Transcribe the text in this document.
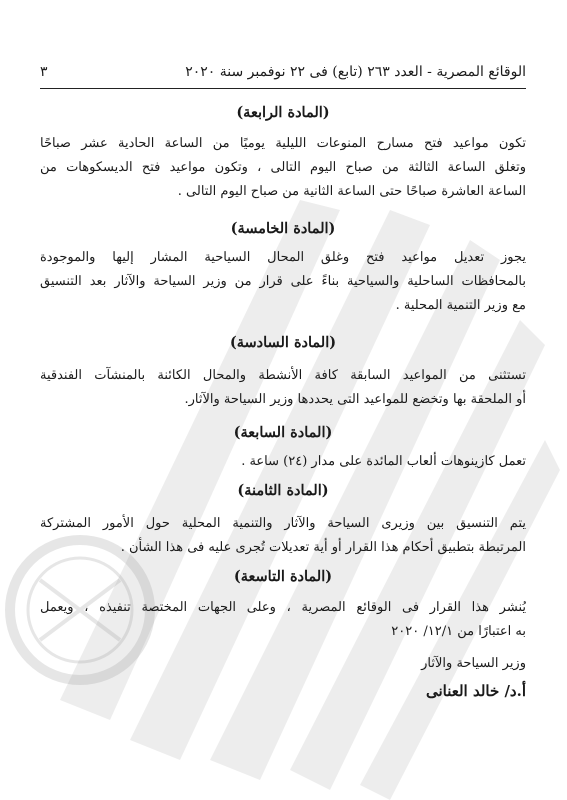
الوقائع المصرية - العدد ٢٦٣ (تابع) فى ٢٢ نوفمبر سنة ٢٠٢٠
٣
(المادة الرابعة)
تكون مواعيد فتح مسارح المنوعات الليلية يوميًا من الساعة الحادية عشر صباحًا
وتغلق الساعة الثالثة من صباح اليوم التالى ، وتكون مواعيد فتح الديسكوهات من
الساعة العاشرة صباحًا حتى الساعة الثانية من صباح اليوم التالى .
(المادة الخامسة)
يجوز تعديل مواعيد فتح وغلق المحال السياحية المشار إليها والموجودة
بالمحافظات الساحلية والسياحية بناءً على قرار من وزير السياحة والآثار بعد التنسيق
مع وزير التنمية المحلية .
(المادة السادسة)
تستثنى من المواعيد السابقة كافة الأنشطة والمحال الكائنة بالمنشآت الفندقية
أو الملحقة بها وتخضع للمواعيد التى يحددها وزير السياحة والآثار.
(المادة السابعة)
تعمل كازينوهات ألعاب المائدة على مدار (٢٤) ساعة .
(المادة الثامنة)
يتم التنسيق بين وزيرى السياحة والآثار والتنمية المحلية حول الأمور المشتركة
المرتبطة بتطبيق أحكام هذا القرار أو أية تعديلات تُجرى عليه فى هذا الشأن .
(المادة التاسعة)
يُنشر هذا القرار فى الوقائع المصرية ، وعلى الجهات المختصة تنفيذه ، ويعمل
به اعتبارًا من ١٢/١/ ٢٠٢٠
وزير السياحة والآثار
أ.د/ خالد العنانى
